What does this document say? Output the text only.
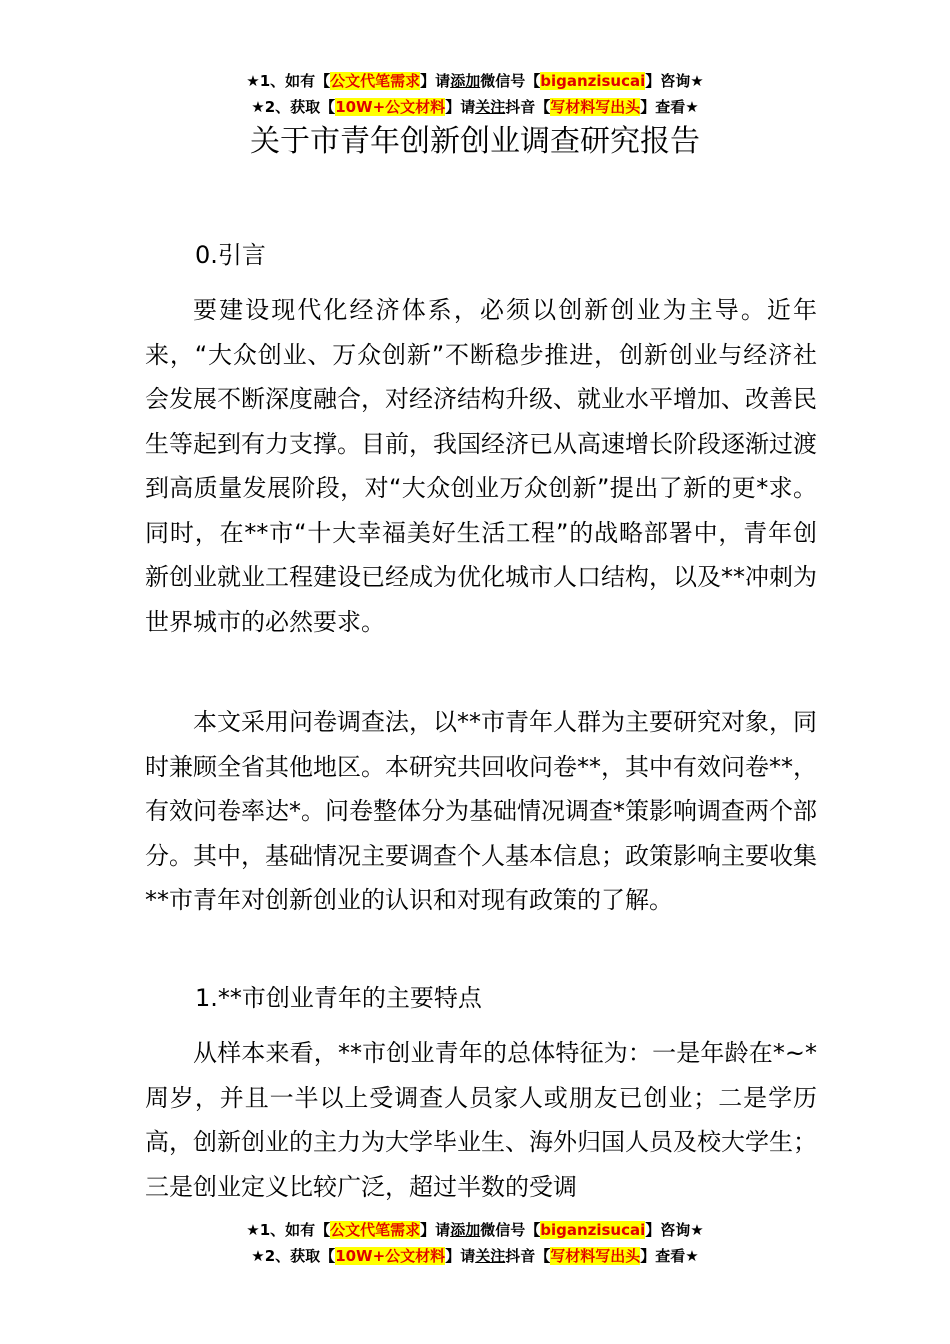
★1、如有【公文代笔需求】请添加微信号【biganzisucai】咨询★
★2、获取【10W+公文材料】请关注抖音【写材料写出头】查看★
关于市青年创新创业调查研究报告
0.引言

要建设现代化经济体系，必须以创新创业为主导。近年来，“大众创业、万众创新”不断稳步推进，创新创业与经济社会发展不断深度融合，对经济结构升级、就业水平增加、改善民生等起到有力支撑。目前，我国经济已从高速增长阶段逐渐过渡到高质量发展阶段，对“大众创业万众创新”提出了新的更*求。同时，在**市“十大幸福美好生活工程”的战略部署中，青年创新创业就业工程建设已经成为优化城市人口结构，以及**冲刺为世界城市的必然要求。

本文采用问卷调查法，以**市青年人群为主要研究对象，同时兼顾全省其他地区。本研究共回收问卷**，其中有效问卷**，有效问卷率达*。问卷整体分为基础情况调查*策影响调查两个部分。其中，基础情况主要调查个人基本信息；政策影响主要收集**市青年对创新创业的认识和对现有政策的了解。

1.**市创业青年的主要特点

从样本来看，**市创业青年的总体特征为：一是年龄在*~*周岁，并且一半以上受调查人员家人或朋友已创业；二是学历高，创新创业的主力为大学毕业生、海外归国人员及校大学生；三是创业定义比较广泛，超过半数的受调

★1、如有【公文代笔需求】请添加微信号【biganzisucai】咨询★
★2、获取【10W+公文材料】请关注抖音【写材料写出头】查看★
